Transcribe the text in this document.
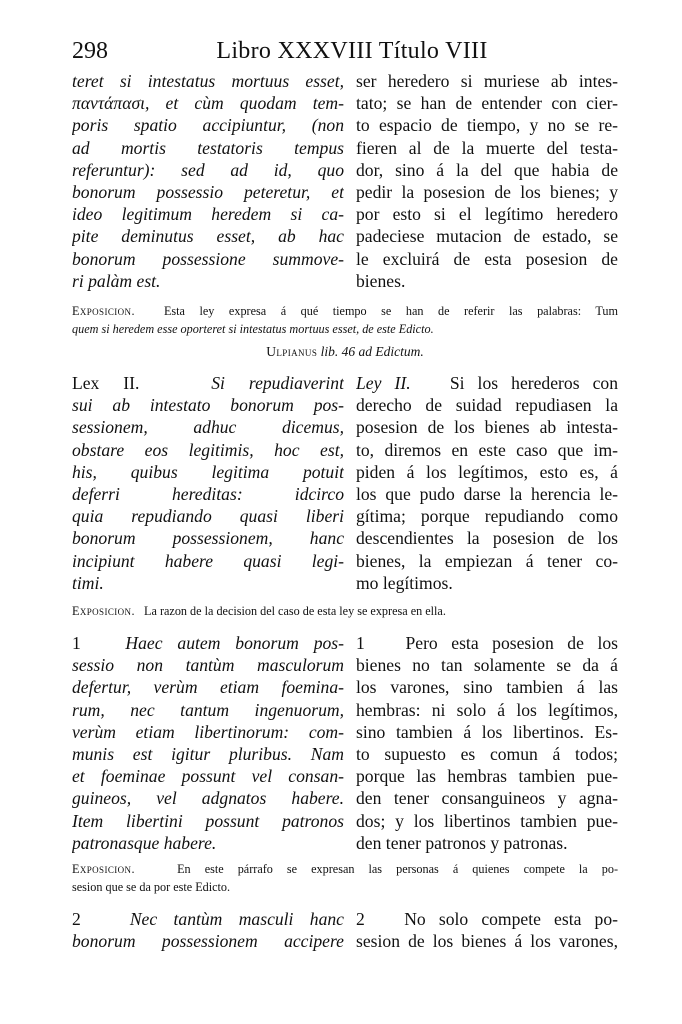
298	Libro XXXVIII Título VIII
teret si intestatus mortuus esset,
παντάπασι, et cùm quodam tem-
poris spatio accipiuntur, (non
ad mortis testatoris tempus
referuntur): sed ad id, quo
bonorum possessio peteretur, et
ideo legitimum heredem si ca-
pite deminutus esset, ab hac
bonorum possessione summove-
ri palàm est.
ser heredero si muriese ab intes-
tato; se han de entender con cier-
to espacio de tiempo, y no se re-
fieren al de la muerte del testa-
dor, sino á la del que habia de
pedir la posesion de los bienes; y
por esto si el legítimo heredero
padeciese mutacion de estado, se
le excluirá de esta posesion de
bienes.
Exposicion. Esta ley expresa á qué tiempo se han de referir las palabras: Tum
quem si heredem esse oporteret si intestatus mortuus esset, de este Edicto.
Ulpianus lib. 46 ad Edictum.
Lex II.	Si repudiaverint
sui ab intestato bonorum pos-
sessionem, adhuc dicemus,
obstare eos legitimis, hoc est,
his, quibus legitima potuit
deferri hereditas: idcirco
quia repudiando quasi liberi
bonorum possessionem, hanc
incipiunt habere quasi legi-
timi.
Ley II. Si los herederos con
derecho de suidad repudiasen la
posesion de los bienes ab intesta-
to, diremos en este caso que im-
piden á los legítimos, esto es, á
los que pudo darse la herencia le-
gítima; porque repudiando como
descendientes la posesion de los
bienes, la empiezan á tener co-
mo legítimos.
Exposicion. La razon de la decision del caso de esta ley se expresa en ella.
1	Haec autem bonorum pos-
sessio non tantùm masculorum
defertur, verùm etiam foemina-
rum, nec tantum ingenuorum,
verùm etiam libertinorum: com-
munis est igitur pluribus. Nam
et foeminae possunt vel consan-
guineos, vel adgnatos habere.
Item libertini possunt patronos
patronasque habere.
1 Pero esta posesion de los
bienes no tan solamente se da á
los varones, sino tambien á las
hembras: ni solo á los legítimos,
sino tambien á los libertinos. Es-
to supuesto es comun á todos;
porque las hembras tambien pue-
den tener consanguineos y agna-
dos; y los libertinos tambien pue-
den tener patronos y patronas.
Exposicion.	En este párrafo se expresan las personas á quienes compete la po-
sesion que se da por este Edicto.
2	Nec tantùm masculi hanc
bonorum possessionem accipere
2 No solo compete esta po-
sesion de los bienes á los varones,
